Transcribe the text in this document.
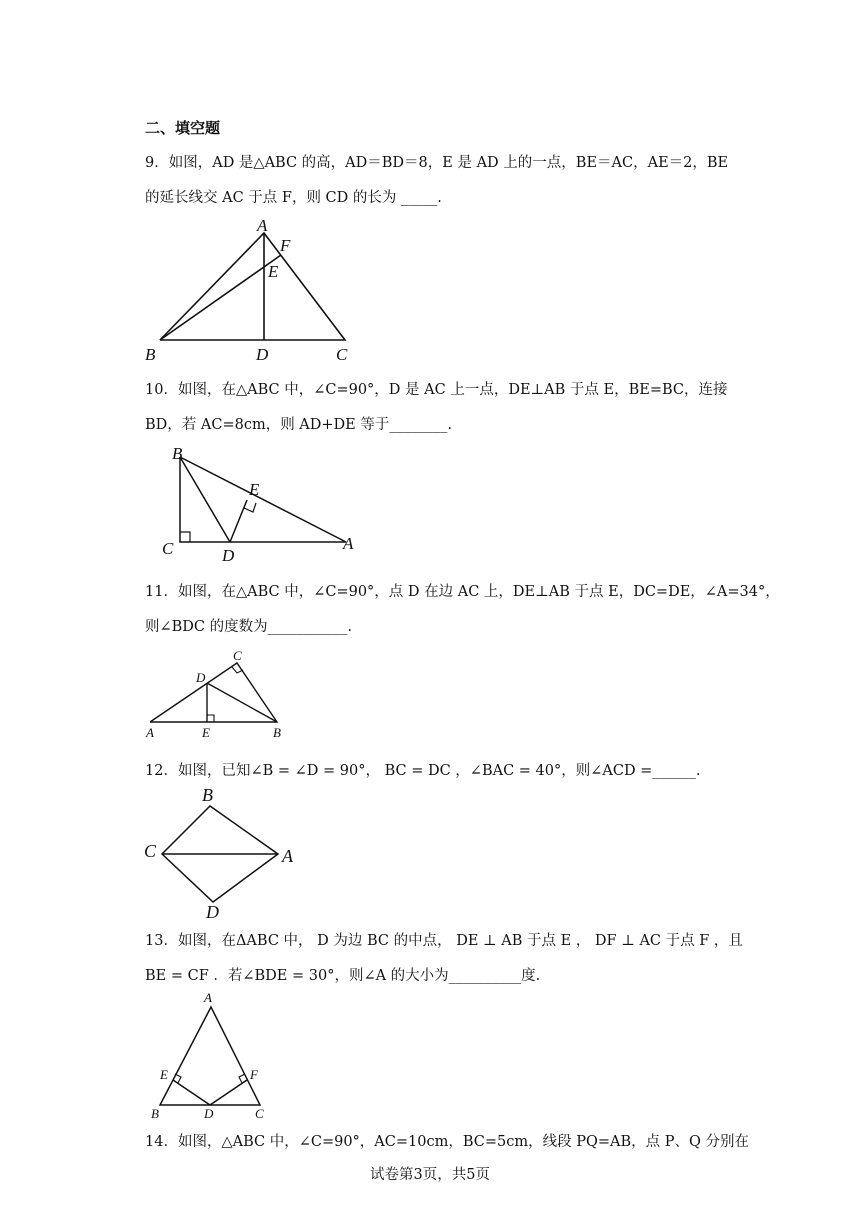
二、填空题
9．如图，AD 是△ABC 的高，AD＝BD＝8，E 是 AD 上的一点，BE＝AC，AE＝2，BE
的延长线交 AC 于点 F，则 CD 的长为 _____.
A
F
E
B	D	C
10．如图，在△ABC 中，∠C=90°，D 是 AC 上一点，DE⊥AB 于点 E，BE=BC，连接
BD，若 AC=8cm，则 AD+DE 等于________.
B
E
C	D
A
11．如图，在△ABC 中，∠C=90°，点 D 在边 AC 上，DE⊥AB 于点 E，DC=DE，∠A=34°，
则∠BDC 的度数为___________.
C
D
A	E	B
12．如图，已知∠B = ∠D = 90°， BC = DC ，∠BAC = 40°，则∠ACD =______.
B
C	A
D
13．如图，在ΔABC 中， D 为边 BC 的中点， DE ⊥ AB 于点 E ， DF ⊥ AC 于点 F ，且
BE = CF ．若∠BDE = 30°，则∠A 的大小为__________度.
A
E	F
B	D	C
14．如图，△ABC 中，∠C=90°，AC=10cm，BC=5cm，线段 PQ=AB，点 P、Q 分别在
试卷第3页，共5页
